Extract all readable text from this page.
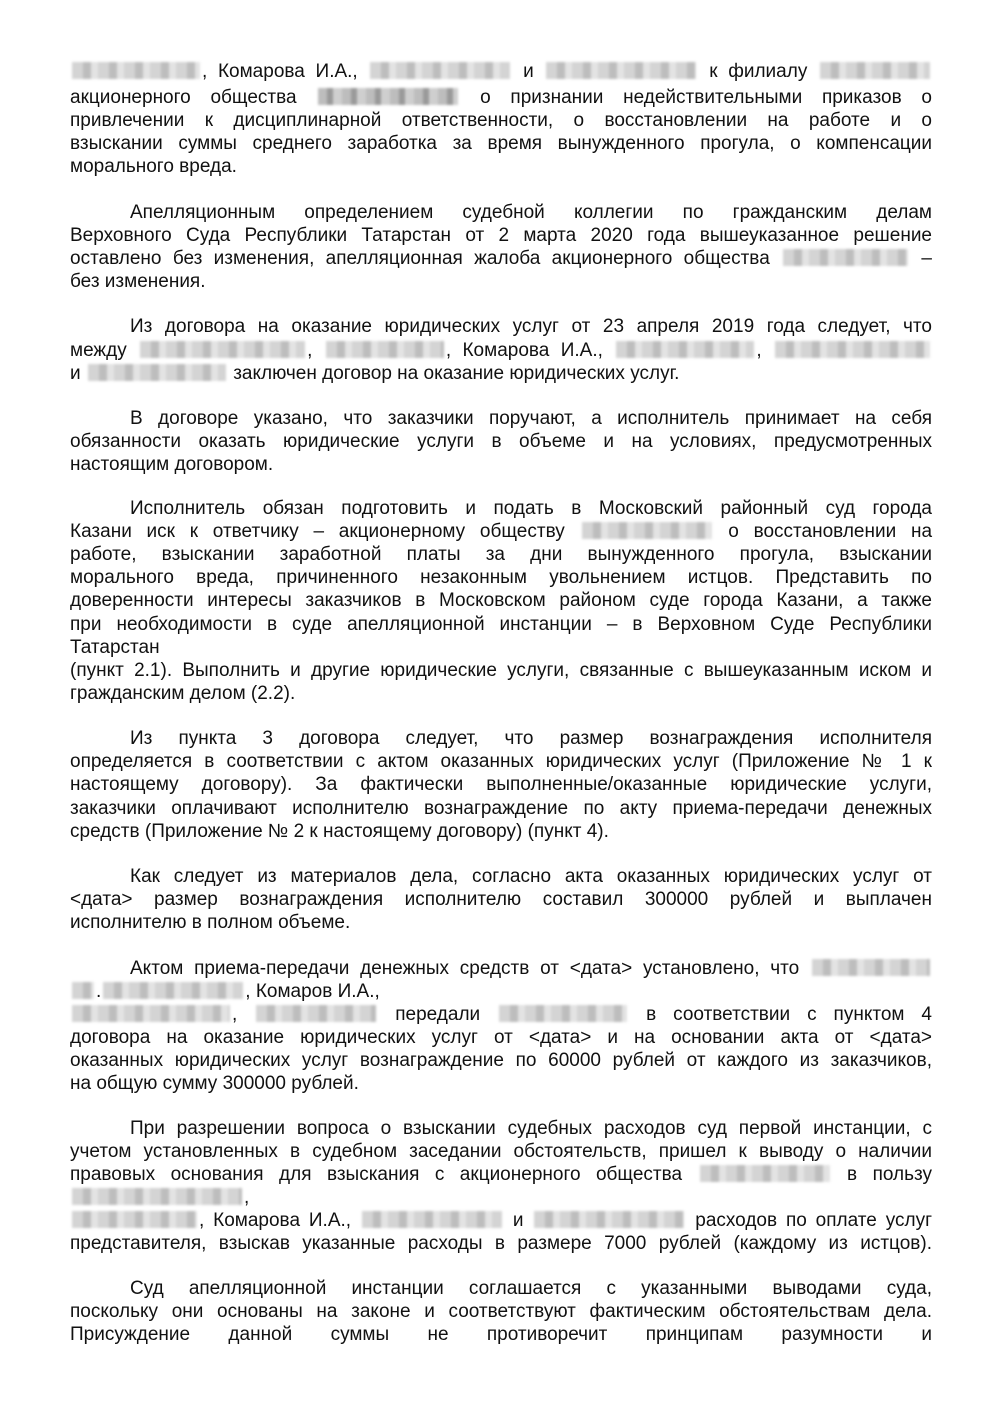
, Комарова И.А.,	и	к филиалу
акционерного общества	о признании недействительными приказов о
привлечении к дисциплинарной ответственности, о восстановлении на работе и о
взыскании суммы среднего заработка за время вынужденного прогула, о компенсации
морального вреда.
Апелляционным определением судебной коллегии по гражданским делам
Верховного Суда Республики Татарстан от 2 марта 2020 года вышеуказанное решение
оставлено без изменения, апелляционная жалоба акционерного общества	–
без изменения.
Из договора на оказание юридических услуг от 23 апреля 2019 года следует, что
между	,	, Комарова И.А.,	,
и	заключен договор на оказание юридических услуг.
В договоре указано, что заказчики поручают, а исполнитель принимает на себя
обязанности оказать юридические услуги в объеме и на условиях, предусмотренных
настоящим договором.
Исполнитель обязан подготовить и подать в Московский районный суд города
Казани иск к ответчику – акционерному обществу	о восстановлении на
работе, взыскании заработной платы за дни вынужденного прогула, взыскании
морального вреда, причиненного незаконным увольнением истцов. Представить по
доверенности интересы заказчиков в Московском районом суде города Казани, а также
при необходимости в суде апелляционной инстанции – в Верховном Суде Республики
Татарстан
(пункт 2.1). Выполнить и другие юридические услуги, связанные с вышеуказанным иском и
гражданским делом (2.2).
Из пункта 3 договора следует, что размер вознаграждения исполнителя
определяется в соответствии с актом оказанных юридических услуг (Приложение № 1 к
настоящему договору). За фактически выполненные/оказанные юридические услуги,
заказчики оплачивают исполнителю вознаграждение по акту приема-передачи денежных
средств (Приложение № 2 к настоящему договору) (пункт 4).
Как следует из материалов дела, согласно акта оказанных юридических услуг от
<дата> размер вознаграждения исполнителю составил 300000 рублей и выплачен
исполнителю в полном объеме.
Актом приема-передачи денежных средств от <дата> установлено, что
.	, Комаров И.А.,
,	передали	в соответствии с пунктом 4
договора на оказание юридических услуг от <дата> и на основании акта от <дата>
оказанных юридических услуг вознаграждение по 60000 рублей от каждого из заказчиков,
на общую сумму 300000 рублей.
При разрешении вопроса о взыскании судебных расходов суд первой инстанции, с
учетом установленных в судебном заседании обстоятельств, пришел к выводу о наличии
правовых основания для взыскания с акционерного общества	в пользу
,
, Комарова И.А.,	и	расходов по оплате услуг
представителя, взыскав указанные расходы в размере 7000 рублей (каждому из истцов).
Суд апелляционной инстанции соглашается с указанными выводами суда,
поскольку они основаны на законе и соответствуют фактическим обстоятельствам дела.
Присуждение данной суммы не противоречит принципам разумности и
